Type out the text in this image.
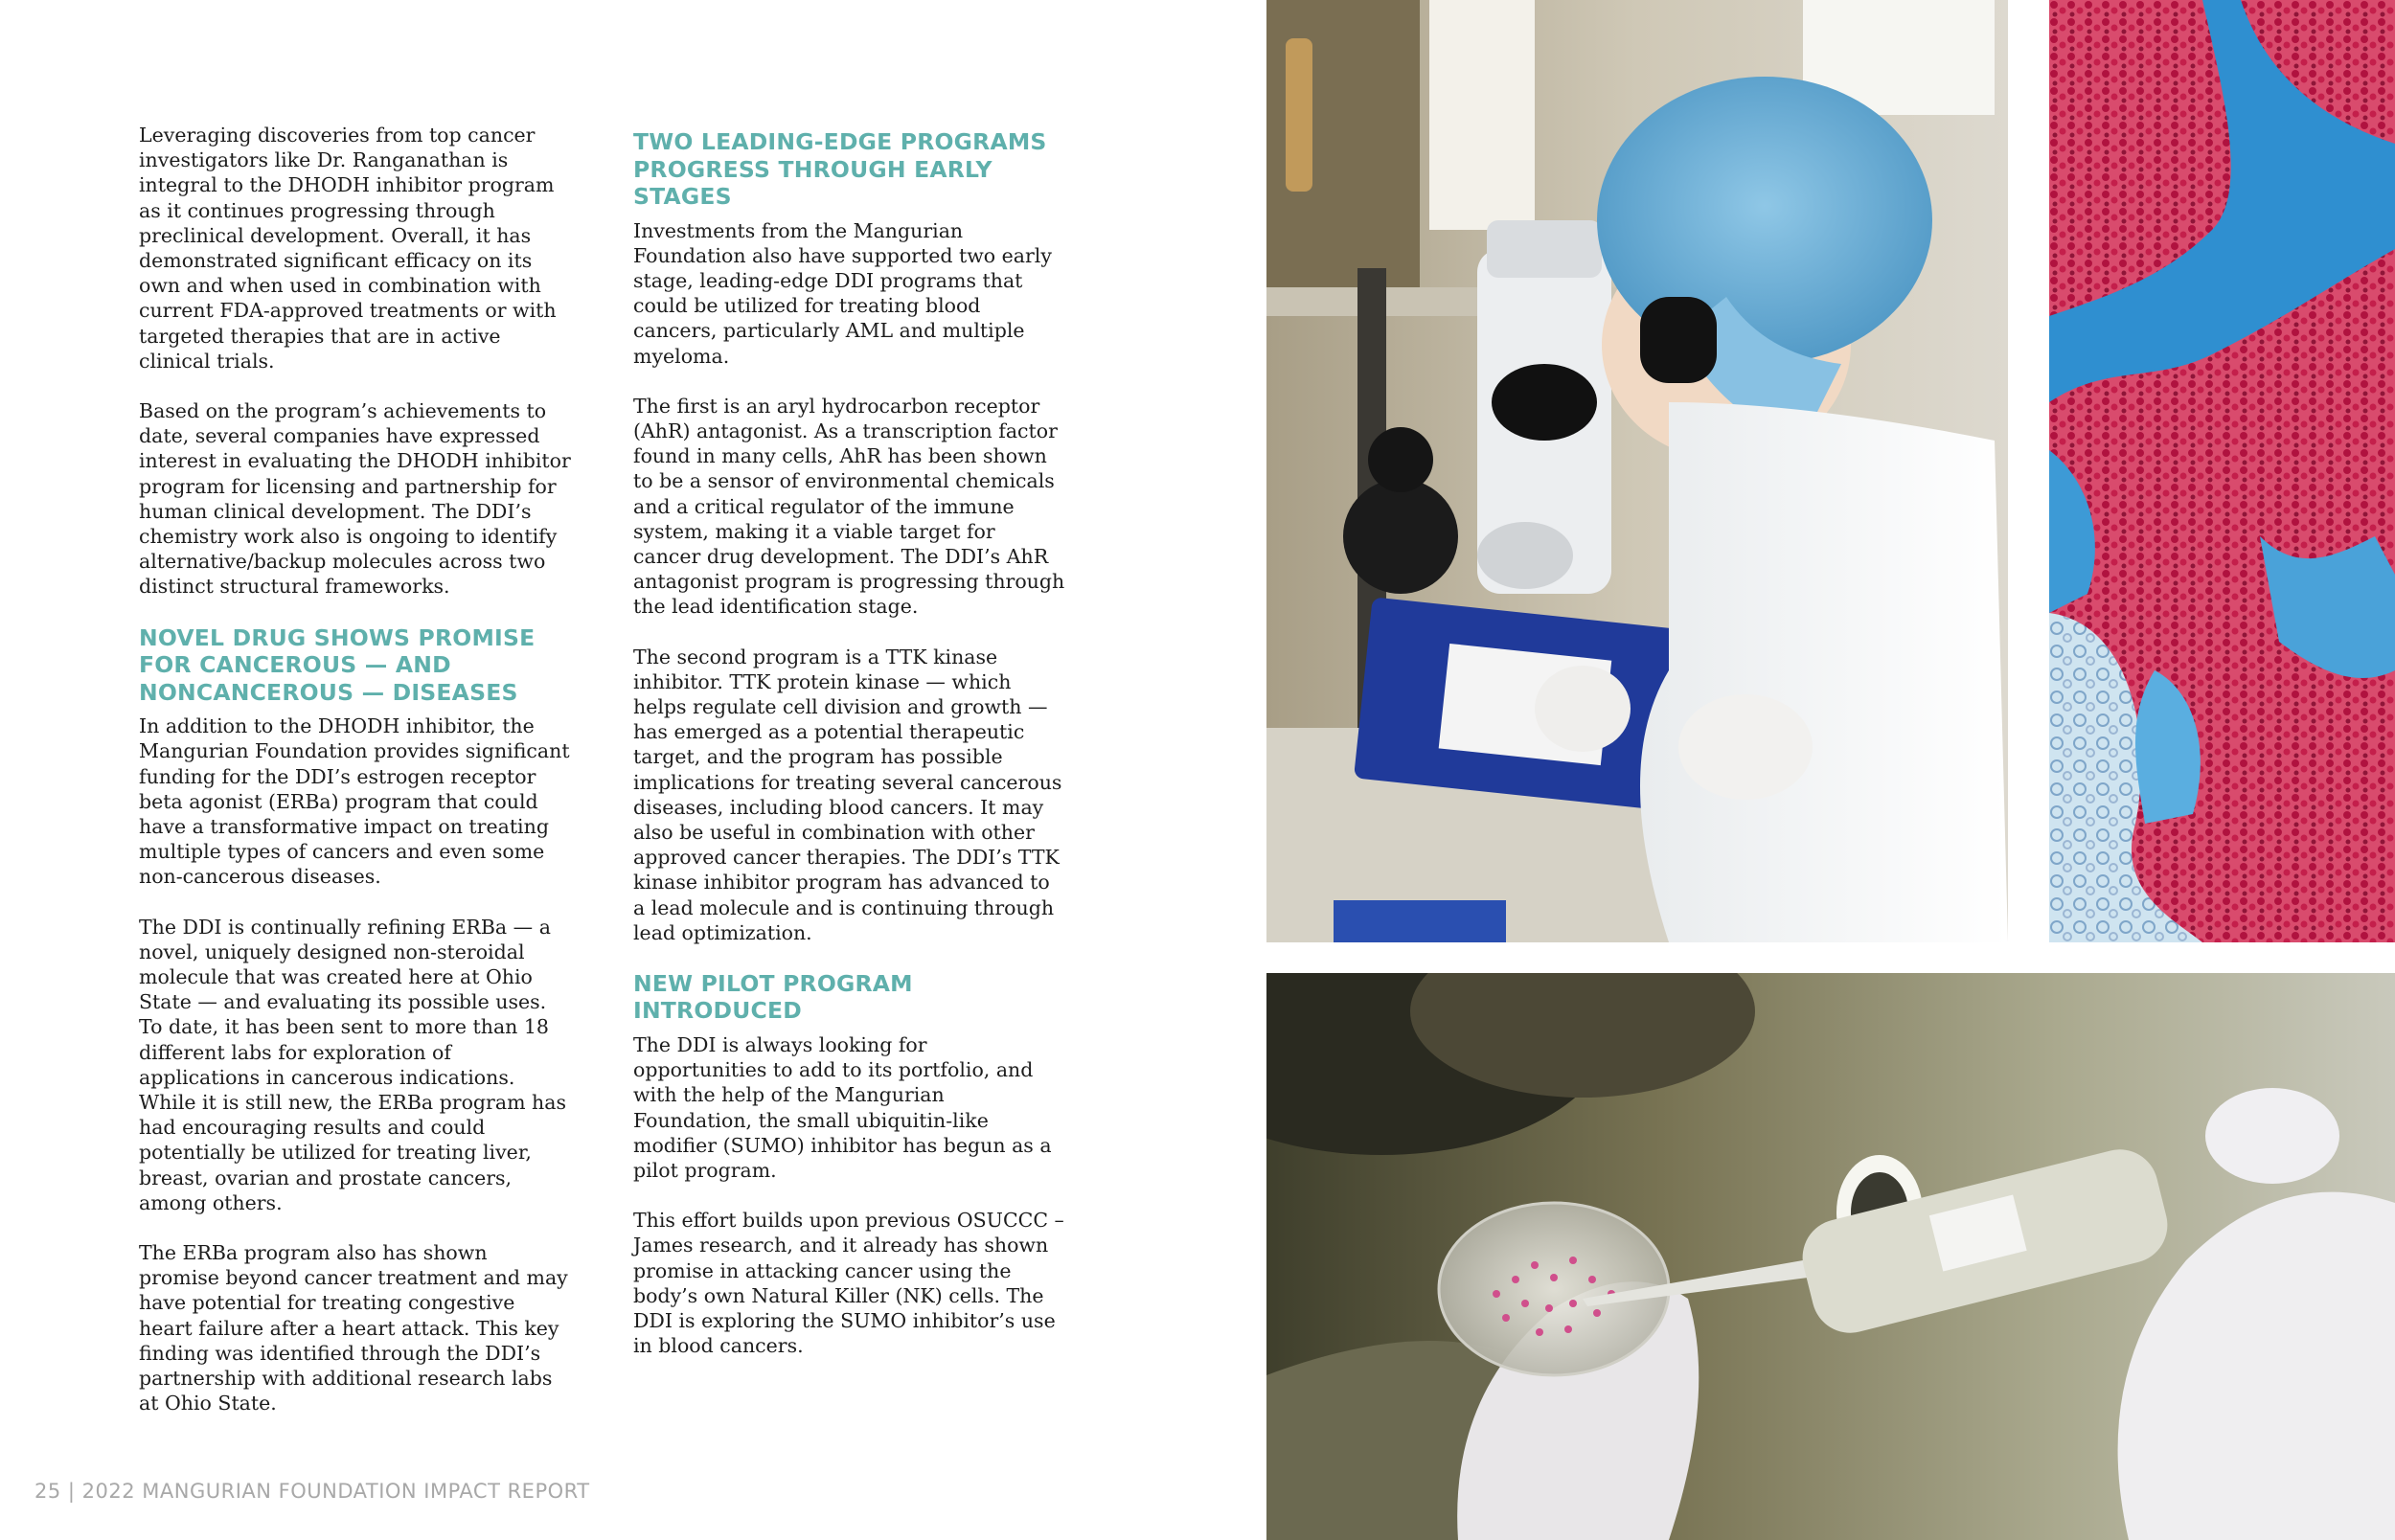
Leveraging discoveries from top cancer investigators like Dr. Ranganathan is integral to the DHODH inhibitor program as it continues progressing through preclinical development. Overall, it has demonstrated significant efficacy on its own and when used in combination with current FDA-approved treatments or with targeted therapies that are in active clinical trials.

Based on the program’s achievements to date, several companies have expressed interest in evaluating the DHODH inhibitor program for licensing and partnership for human clinical development. The DDI’s chemistry work also is ongoing to identify alternative/backup molecules across two distinct structural frameworks.

NOVEL DRUG SHOWS PROMISE FOR CANCEROUS — AND NONCANCEROUS — DISEASES

In addition to the DHODH inhibitor, the Mangurian Foundation provides significant funding for the DDI’s estrogen receptor beta agonist (ERBa) program that could have a transformative impact on treating multiple types of cancers and even some non-cancerous diseases.

The DDI is continually refining ERBa — a novel, uniquely designed non-steroidal molecule that was created here at Ohio State — and evaluating its possible uses. To date, it has been sent to more than 18 different labs for exploration of applications in cancerous indications. While it is still new, the ERBa program has had encouraging results and could potentially be utilized for treating liver, breast, ovarian and prostate cancers, among others.

The ERBa program also has shown promise beyond cancer treatment and may have potential for treating congestive heart failure after a heart attack. This key finding was identified through the DDI’s partnership with additional research labs at Ohio State.

TWO LEADING-EDGE PROGRAMS PROGRESS THROUGH EARLY STAGES

Investments from the Mangurian Foundation also have supported two early stage, leading-edge DDI programs that could be utilized for treating blood cancers, particularly AML and multiple myeloma.

The first is an aryl hydrocarbon receptor (AhR) antagonist. As a transcription factor found in many cells, AhR has been shown to be a sensor of environmental chemicals and a critical regulator of the immune system, making it a viable target for cancer drug development. The DDI’s AhR antagonist program is progressing through the lead identification stage.

The second program is a TTK kinase inhibitor. TTK protein kinase — which helps regulate cell division and growth — has emerged as a potential therapeutic target, and the program has possible implications for treating several cancerous diseases, including blood cancers. It may also be useful in combination with other approved cancer therapies. The DDI’s TTK kinase inhibitor program has advanced to a lead molecule and is continuing through lead optimization.

NEW PILOT PROGRAM INTRODUCED

The DDI is always looking for opportunities to add to its portfolio, and with the help of the Mangurian Foundation, the small ubiquitin-like modifier (SUMO) inhibitor has begun as a pilot program.

This effort builds upon previous OSUCCC – James research, and it already has shown promise in attacking cancer using the body’s own Natural Killer (NK) cells. The DDI is exploring the SUMO inhibitor’s use in blood cancers.

25 | 2022 MANGURIAN FOUNDATION IMPACT REPORT
